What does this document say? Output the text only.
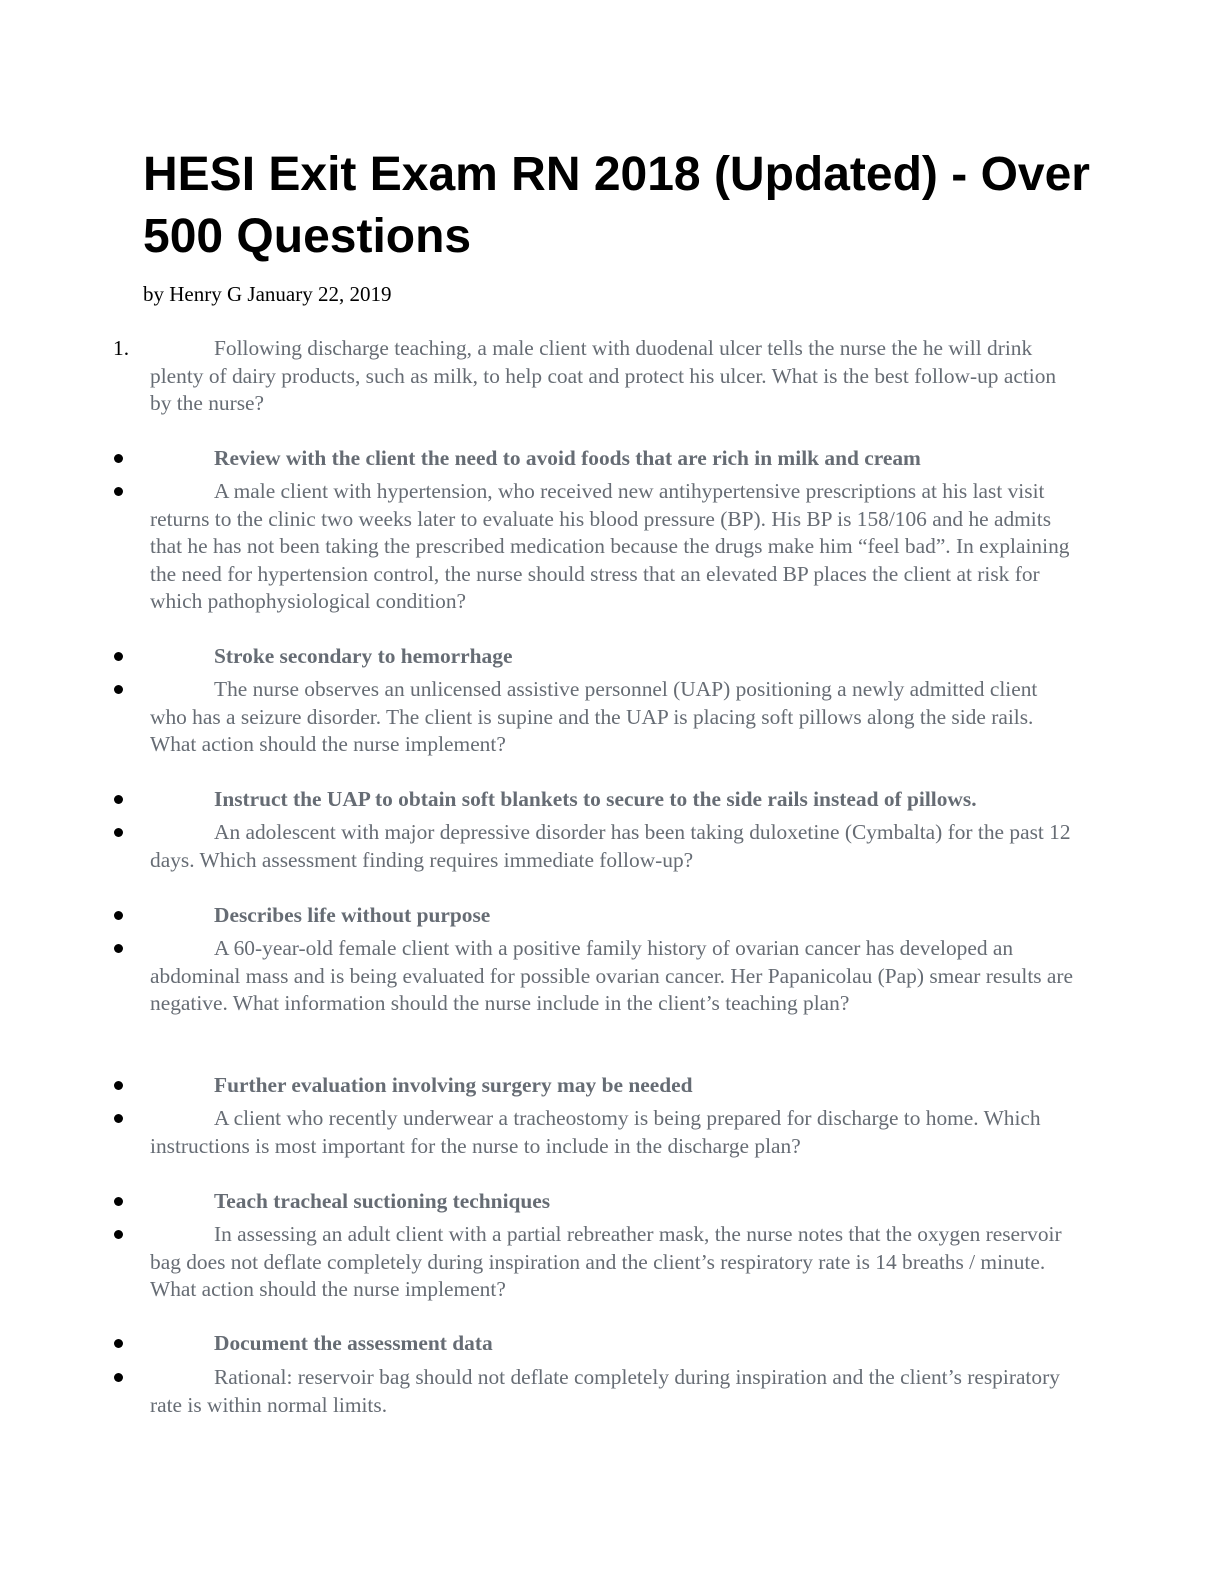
HESI Exit Exam RN 2018 (Updated) - Over 500 Questions

by Henry G January 22, 2019

1.	Following discharge teaching, a male client with duodenal ulcer tells the nurse the he will drink plenty of dairy products, such as milk, to help coat and protect his ulcer. What is the best follow-up action by the nurse?
Review with the client the need to avoid foods that are rich in milk and cream
A male client with hypertension, who received new antihypertensive prescriptions at his last visit returns to the clinic two weeks later to evaluate his blood pressure (BP). His BP is 158/106 and he admits that he has not been taking the prescribed medication because the drugs make him “feel bad”. In explaining the need for hypertension control, the nurse should stress that an elevated BP places the client at risk for which pathophysiological condition?
Stroke secondary to hemorrhage
The nurse observes an unlicensed assistive personnel (UAP) positioning a newly admitted client who has a seizure disorder. The client is supine and the UAP is placing soft pillows along the side rails. What action should the nurse implement?
Instruct the UAP to obtain soft blankets to secure to the side rails instead of pillows.
An adolescent with major depressive disorder has been taking duloxetine (Cymbalta) for the past 12 days. Which assessment finding requires immediate follow-up?
Describes life without purpose
A 60-year-old female client with a positive family history of ovarian cancer has developed an abdominal mass and is being evaluated for possible ovarian cancer. Her Papanicolau (Pap) smear results are negative. What information should the nurse include in the client’s teaching plan?
Further evaluation involving surgery may be needed
A client who recently underwear a tracheostomy is being prepared for discharge to home. Which instructions is most important for the nurse to include in the discharge plan?
Teach tracheal suctioning techniques
In assessing an adult client with a partial rebreather mask, the nurse notes that the oxygen reservoir bag does not deflate completely during inspiration and the client’s respiratory rate is 14 breaths / minute. What action should the nurse implement?
Document the assessment data
Rational: reservoir bag should not deflate completely during inspiration and the client’s respiratory rate is within normal limits.
